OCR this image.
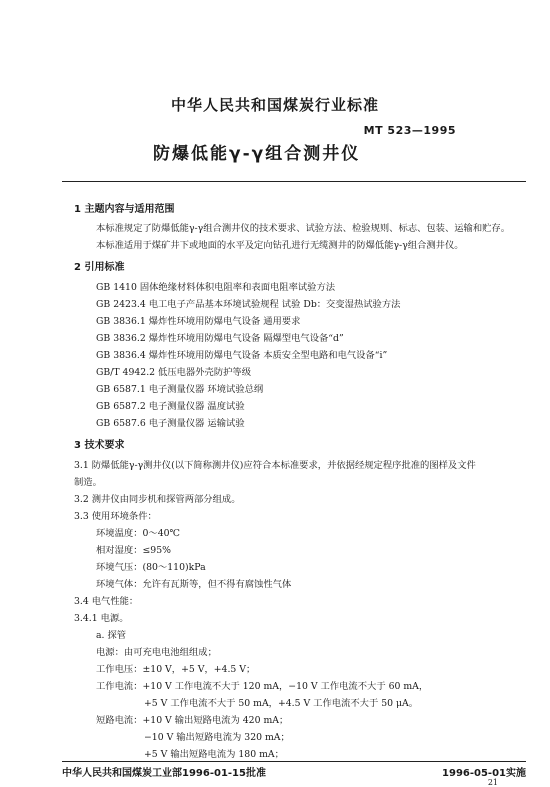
中华人民共和国煤炭行业标准
MT 523—1995
防爆低能γ-γ组合测井仪
1 主题内容与适用范围
本标准规定了防爆低能γ-γ组合测井仪的技术要求、试验方法、检验规则、标志、包装、运输和贮存。
本标准适用于煤矿井下或地面的水平及定向钻孔进行无缆测井的防爆低能γ-γ组合测井仪。
2 引用标准
GB 1410 固体绝缘材料体积电阻率和表面电阻率试验方法
GB 2423.4 电工电子产品基本环境试验规程 试验 Db：交变湿热试验方法
GB 3836.1 爆炸性环境用防爆电气设备 通用要求
GB 3836.2 爆炸性环境用防爆电气设备 隔爆型电气设备“d”
GB 3836.4 爆炸性环境用防爆电气设备 本质安全型电路和电气设备“i”
GB/T 4942.2 低压电器外壳防护等级
GB 6587.1 电子测量仪器 环境试验总纲
GB 6587.2 电子测量仪器 温度试验
GB 6587.6 电子测量仪器 运输试验
3 技术要求
3.1 防爆低能γ-γ测井仪(以下简称测井仪)应符合本标准要求，并依据经规定程序批准的图样及文件
制造。
3.2 测井仪由同步机和探管两部分组成。
3.3 使用环境条件：
环境温度：0～40℃
相对湿度：≤95%
环境气压：(80～110)kPa
环境气体：允许有瓦斯等，但不得有腐蚀性气体
3.4 电气性能：
3.4.1 电源。
a. 探管
电源：由可充电电池组组成；
工作电压：±10 V，+5 V，+4.5 V；
工作电流：+10 V 工作电流不大于 120 mA，−10 V 工作电流不大于 60 mA，
+5 V 工作电流不大于 50 mA，+4.5 V 工作电流不大于 50 μA。
短路电流：+10 V 输出短路电流为 420 mA；
−10 V 输出短路电流为 320 mA；
+5 V 输出短路电流为 180 mA；
中华人民共和国煤炭工业部1996-01-15批准	1996-05-01实施
21
